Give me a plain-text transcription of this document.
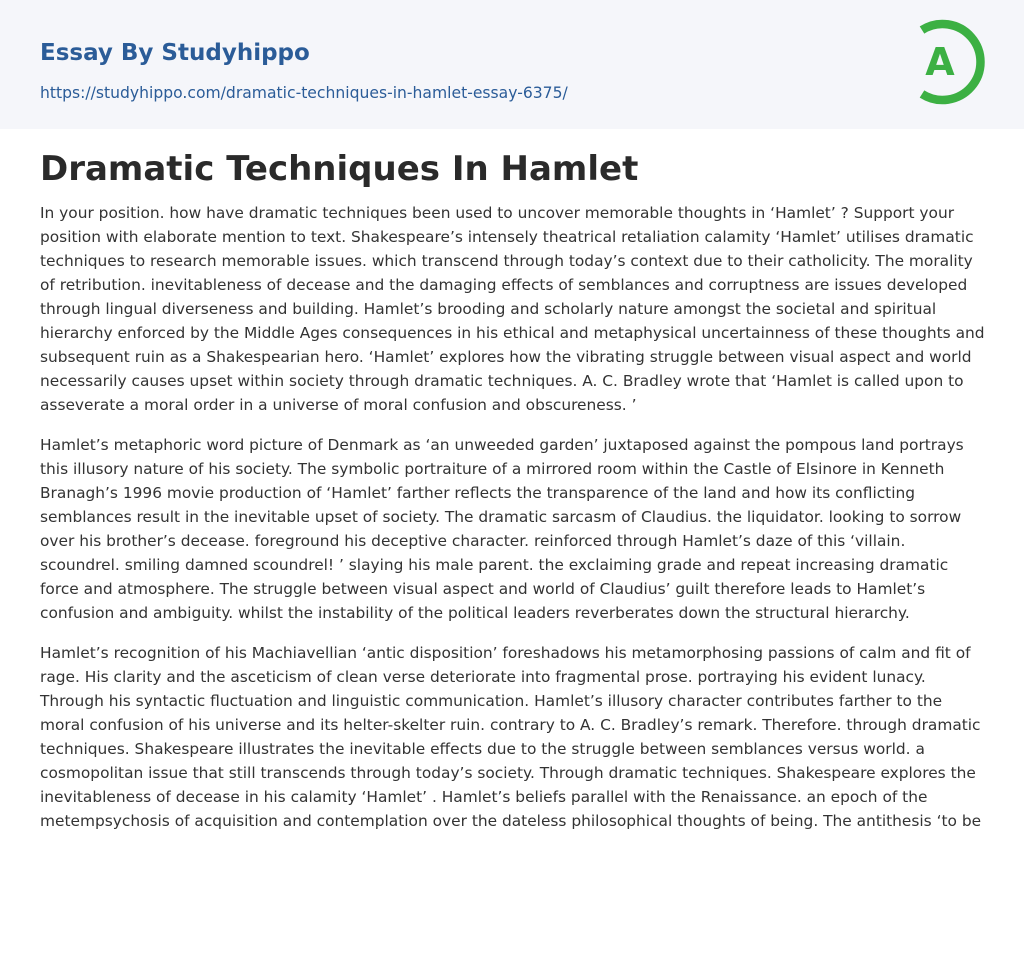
Essay By Studyhippo
https://studyhippo.com/dramatic-techniques-in-hamlet-essay-6375/
A
Dramatic Techniques In Hamlet

In your position. how have dramatic techniques been used to uncover memorable thoughts in ‘Hamlet’ ? Support your position with elaborate mention to text. Shakespeare’s intensely theatrical retaliation calamity ‘Hamlet’ utilises dramatic techniques to research memorable issues. which transcend through today’s context due to their catholicity. The morality of retribution. inevitableness of decease and the damaging effects of semblances and corruptness are issues developed through lingual diverseness and building. Hamlet’s brooding and scholarly nature amongst the societal and spiritual hierarchy enforced by the Middle Ages consequences in his ethical and metaphysical uncertainness of these thoughts and subsequent ruin as a Shakespearian hero. ‘Hamlet’ explores how the vibrating struggle between visual aspect and world necessarily causes upset within society through dramatic techniques. A. C. Bradley wrote that ‘Hamlet is called upon to asseverate a moral order in a universe of moral confusion and obscureness. ’

Hamlet’s metaphoric word picture of Denmark as ‘an unweeded garden’ juxtaposed against the pompous land portrays this illusory nature of his society. The symbolic portraiture of a mirrored room within the Castle of Elsinore in Kenneth Branagh’s 1996 movie production of ‘Hamlet’ farther reflects the transparence of the land and how its conflicting semblances result in the inevitable upset of society. The dramatic sarcasm of Claudius. the liquidator. looking to sorrow over his brother’s decease. foreground his deceptive character. reinforced through Hamlet’s daze of this ‘villain. scoundrel. smiling damned scoundrel! ’ slaying his male parent. the exclaiming grade and repeat increasing dramatic force and atmosphere. The struggle between visual aspect and world of Claudius’ guilt therefore leads to Hamlet’s confusion and ambiguity. whilst the instability of the political leaders reverberates down the structural hierarchy.

Hamlet’s recognition of his Machiavellian ‘antic disposition’ foreshadows his metamorphosing passions of calm and fit of rage. His clarity and the asceticism of clean verse deteriorate into fragmental prose. portraying his evident lunacy. Through his syntactic fluctuation and linguistic communication. Hamlet’s illusory character contributes farther to the moral confusion of his universe and its helter-skelter ruin. contrary to A. C. Bradley’s remark. Therefore. through dramatic techniques. Shakespeare illustrates the inevitable effects due to the struggle between semblances versus world. a cosmopolitan issue that still transcends through today’s society. Through dramatic techniques. Shakespeare explores the inevitableness of decease in his calamity ‘Hamlet’ . Hamlet’s beliefs parallel with the Renaissance. an epoch of the metempsychosis of acquisition and contemplation over the dateless philosophical thoughts of being. The antithesis ‘to be
